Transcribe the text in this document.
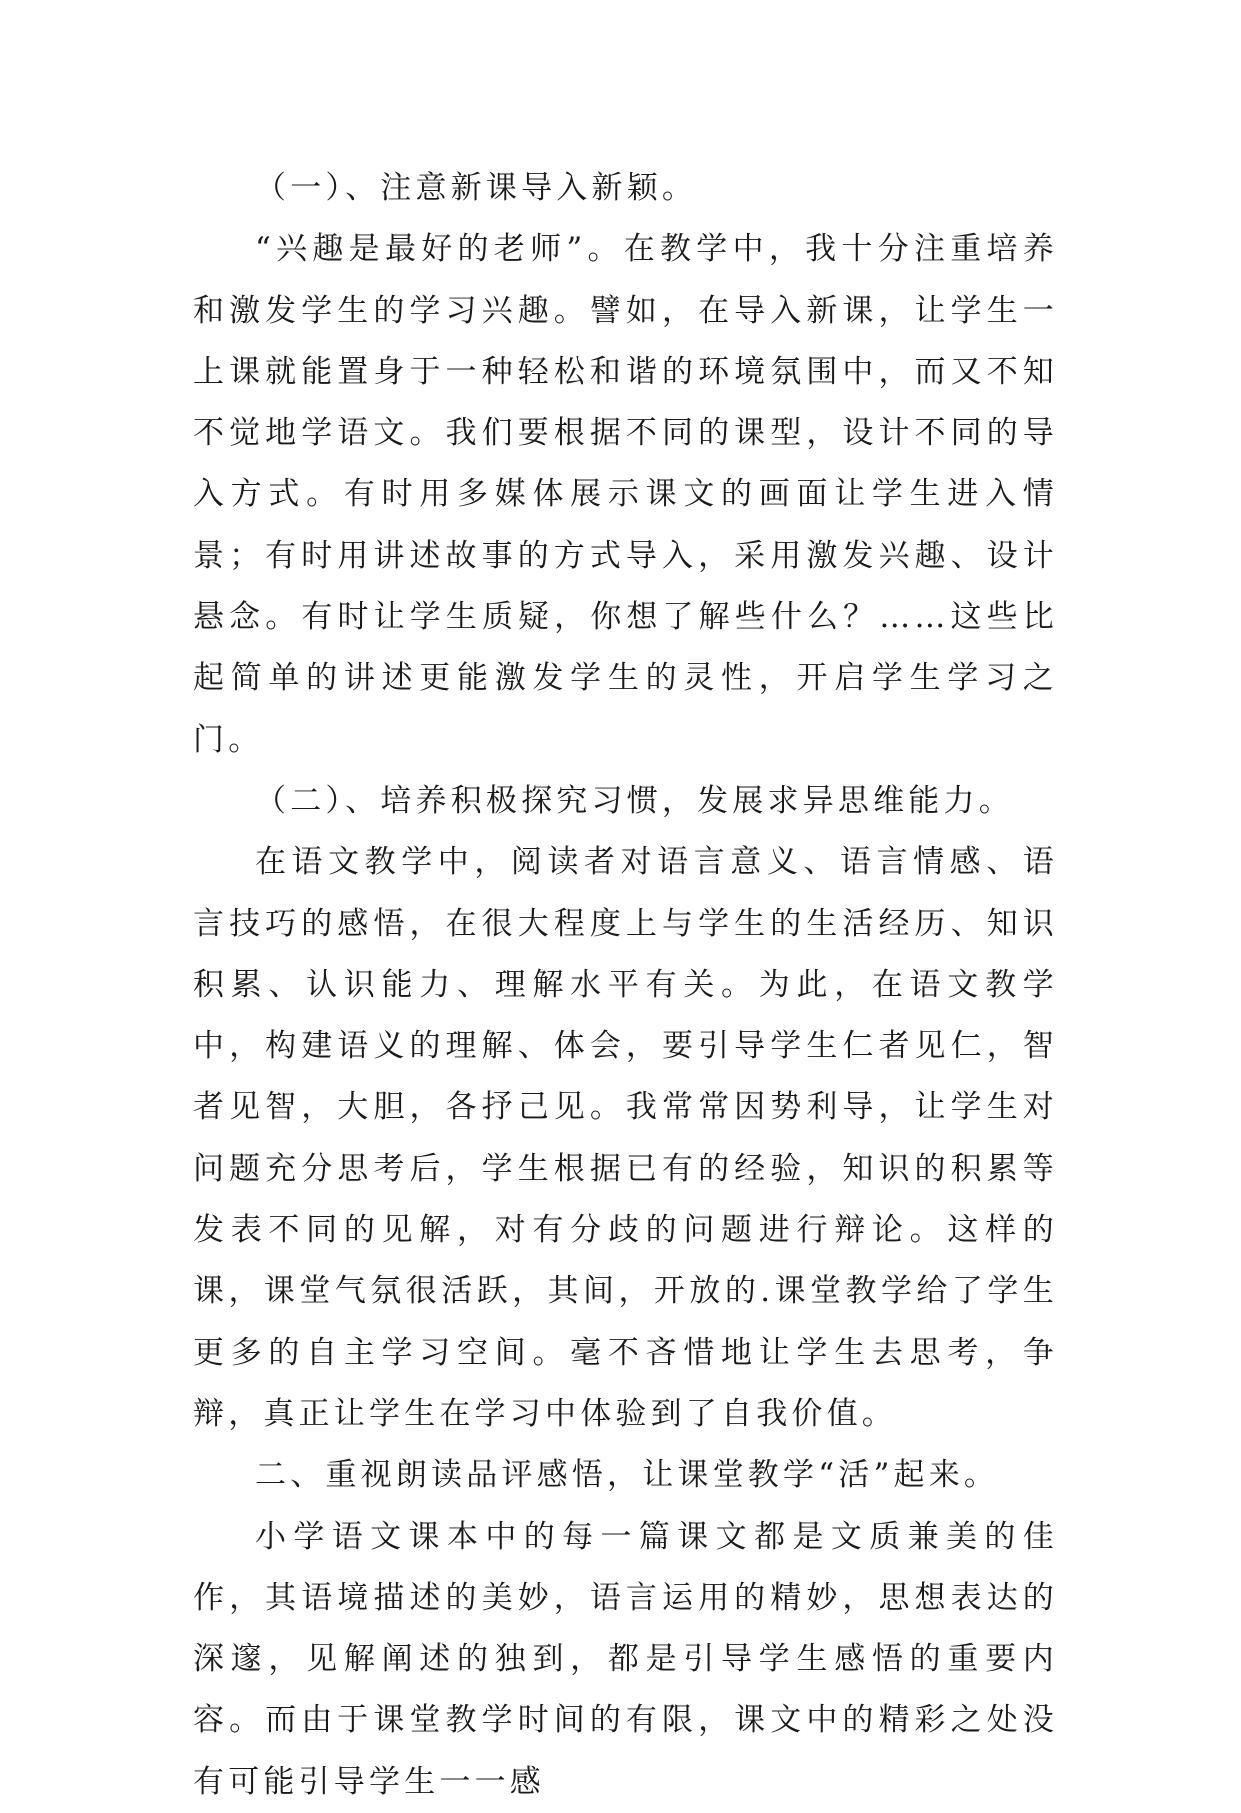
（一）、注意新课导入新颖。

“兴趣是最好的老师”。在教学中，我十分注重培养和激发学生的学习兴趣。譬如，在导入新课，让学生一上课就能置身于一种轻松和谐的环境氛围中，而又不知不觉地学语文。我们要根据不同的课型，设计不同的导入方式。有时用多媒体展示课文的画面让学生进入情景；有时用讲述故事的方式导入，采用激发兴趣、设计悬念。有时让学生质疑，你想了解些什么？……这些比起简单的讲述更能激发学生的灵性，开启学生学习之门。

（二）、培养积极探究习惯，发展求异思维能力。

在语文教学中，阅读者对语言意义、语言情感、语言技巧的感悟，在很大程度上与学生的生活经历、知识积累、认识能力、理解水平有关。为此，在语文教学中，构建语义的理解、体会，要引导学生仁者见仁，智者见智，大胆，各抒己见。我常常因势利导，让学生对问题充分思考后，学生根据已有的经验，知识的积累等发表不同的见解，对有分歧的问题进行辩论。这样的课，课堂气氛很活跃，其间，开放的.课堂教学给了学生更多的自主学习空间。毫不吝惜地让学生去思考，争辩，真正让学生在学习中体验到了自我价值。

二、重视朗读品评感悟，让课堂教学“活”起来。

小学语文课本中的每一篇课文都是文质兼美的佳作，其语境描述的美妙，语言运用的精妙，思想表达的深邃，见解阐述的独到，都是引导学生感悟的重要内容。而由于课堂教学时间的有限，课文中的精彩之处没有可能引导学生一一感
